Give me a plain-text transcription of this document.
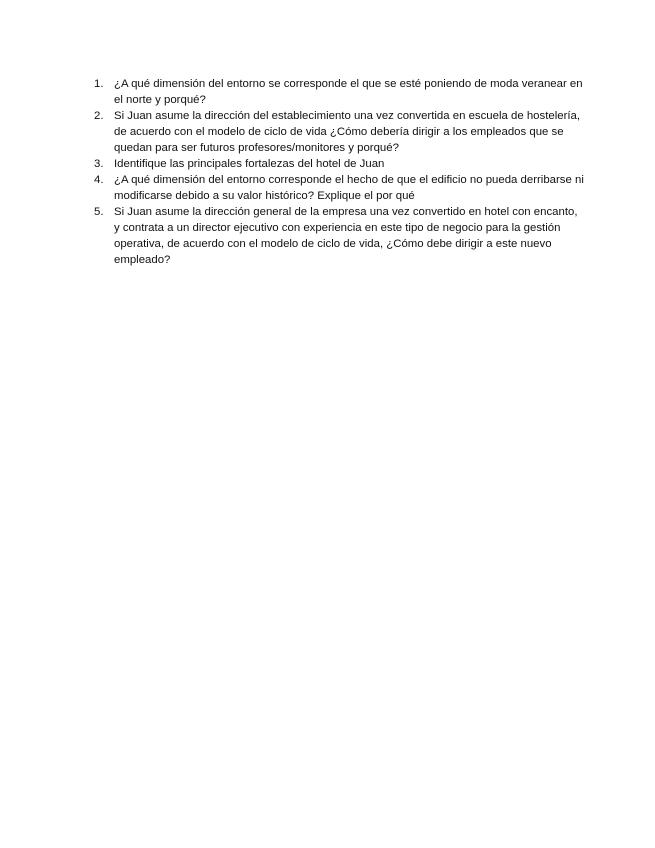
1. ¿A qué dimensión del entorno se corresponde el que se esté poniendo de moda veranear en el norte y porqué?
2. Si Juan asume la dirección del establecimiento una vez convertida en escuela de hostelería, de acuerdo con el modelo de ciclo de vida ¿Cómo debería dirigir a los empleados que se quedan para ser futuros profesores/monitores y porqué?
3. Identifique las principales fortalezas del hotel de Juan
4. ¿A qué dimensión del entorno corresponde el hecho de que el edificio no pueda derribarse ni modificarse debido a su valor histórico? Explique el por qué
5. Si Juan asume la dirección general de la empresa una vez convertido en hotel con encanto, y contrata a un director ejecutivo con experiencia en este tipo de negocio para la gestión operativa, de acuerdo con el modelo de ciclo de vida, ¿Cómo debe dirigir a este nuevo empleado?
